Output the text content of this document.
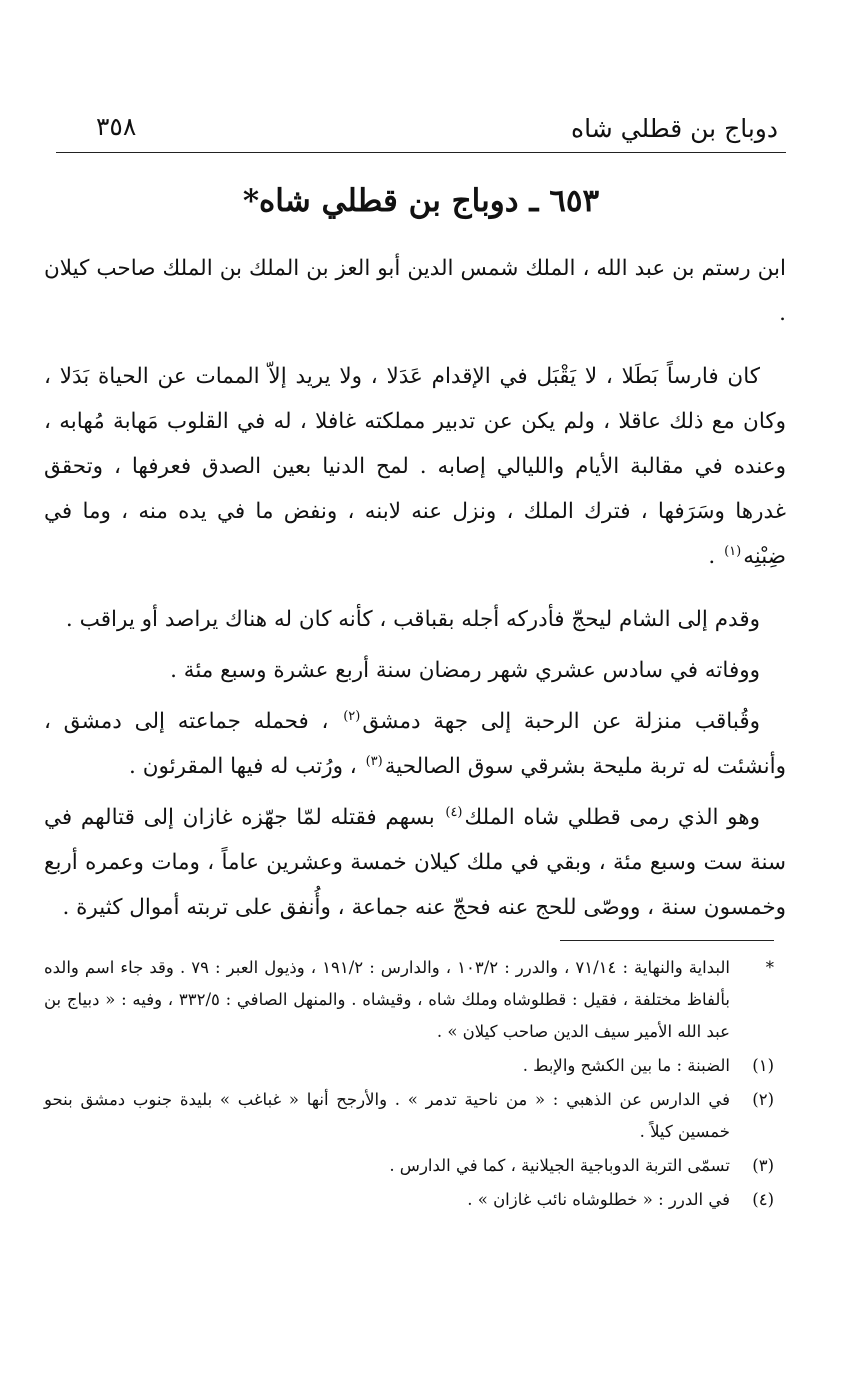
دوباج بن قطلي شاه
٣٥٨
٦٥٣ ـ دوباج بن قطلي شاه*

ابن رستم بن عبد الله ، الملك شمس الدين أبو العز بن الملك بن الملك صاحب كيلان .

كان فارساً بَطَلا ، لا يَقْبَل في الإقدام عَدَلا ، ولا يريد إلاّ الممات عن الحياة بَدَلا ، وكان مع ذلك عاقلا ، ولم يكن عن تدبير مملكته غافلا ، له في القلوب مَهابة مُهابه ، وعنده في مقالبة الأيام والليالي إصابه . لمح الدنيا بعين الصدق فعرفها ، وتحقق غدرها وسَرَفها ، فترك الملك ، ونزل عنه لابنه ، ونفض ما في يده منه ، وما في ضِبْنِه$^{(١)}$ .

وقدم إلى الشام ليحجّ فأدركه أجله بقباقب ، كأنه كان له هناك يراصد أو يراقب .

ووفاته في سادس عشري شهر رمضان سنة أربع عشرة وسبع مئة .

وقُباقب منزلة عن الرحبة إلى جهة دمشق$^{(٢)}$ ، فحمله جماعته إلى دمشق ، وأنشئت له تربة مليحة بشرقي سوق الصالحية$^{(٣)}$ ، ورُتب له فيها المقرئون .

وهو الذي رمى قطلي شاه الملك$^{(٤)}$ بسهم فقتله لمّا جهّزه غازان إلى قتالهم في سنة ست وسبع مئة ، وبقي في ملك كيلان خمسة وعشرين عاماً ، ومات وعمره أربع وخمسون سنة ، ووصّى للحج عنه فحجّ عنه جماعة ، وأُنفق على تربته أموال كثيرة .

*
البداية والنهاية : ٧١/١٤ ، والدرر : ١٠٣/٢ ، والدارس : ١٩١/٢ ، وذيول العبر : ٧٩ . وقد جاء اسم والده بألفاظ مختلفة ، فقيل : قطلوشاه وملك شاه ، وقيشاه . والمنهل الصافي : ٣٣٢/٥ ، وفيه : « دبياج بن عبد الله الأمير سيف الدين صاحب كيلان » .
(١)
الضبنة : ما بين الكشح والإبط .
(٢)
في الدارس عن الذهبي : « من ناحية تدمر » . والأرجح أنها « غباغب » بليدة جنوب دمشق بنحو خمسين كيلاً .
(٣)
تسمّى التربة الدوباجية الجيلانية ، كما في الدارس .
(٤)
في الدرر : « خطلوشاه نائب غازان » .
